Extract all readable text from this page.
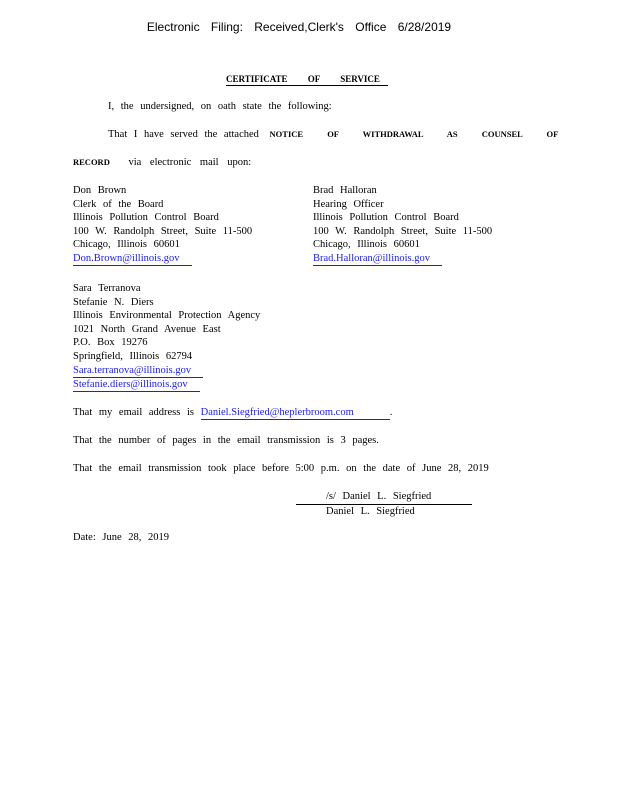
Electronic Filing: Received,Clerk's Office 6/28/2019
CERTIFICATE OF SERVICE
I, the undersigned, on oath state the following:
That I have served the attached NOTICE OF WITHDRAWAL AS COUNSEL OF
RECORD via electronic mail upon:
Don Brown
Clerk of the Board
Illinois Pollution Control Board
100 W. Randolph Street, Suite 11-500
Chicago, Illinois 60601
Don.Brown@illinois.gov
Brad Halloran
Hearing Officer
Illinois Pollution Control Board
100 W. Randolph Street, Suite 11-500
Chicago, Illinois 60601
Brad.Halloran@illinois.gov
Sara Terranova
Stefanie N. Diers
Illinois Environmental Protection Agency
1021 North Grand Avenue East
P.O. Box 19276
Springfield, Illinois 62794
Sara.terranova@illinois.gov
Stefanie.diers@illinois.gov
That my email address is Daniel.Siegfried@heplerbroom.com	.
That the number of pages in the email transmission is 3 pages.
That the email transmission took place before 5:00 p.m. on the date of June 28, 2019
/s/ Daniel L. Siegfried
Daniel L. Siegfried
Date: June 28, 2019
